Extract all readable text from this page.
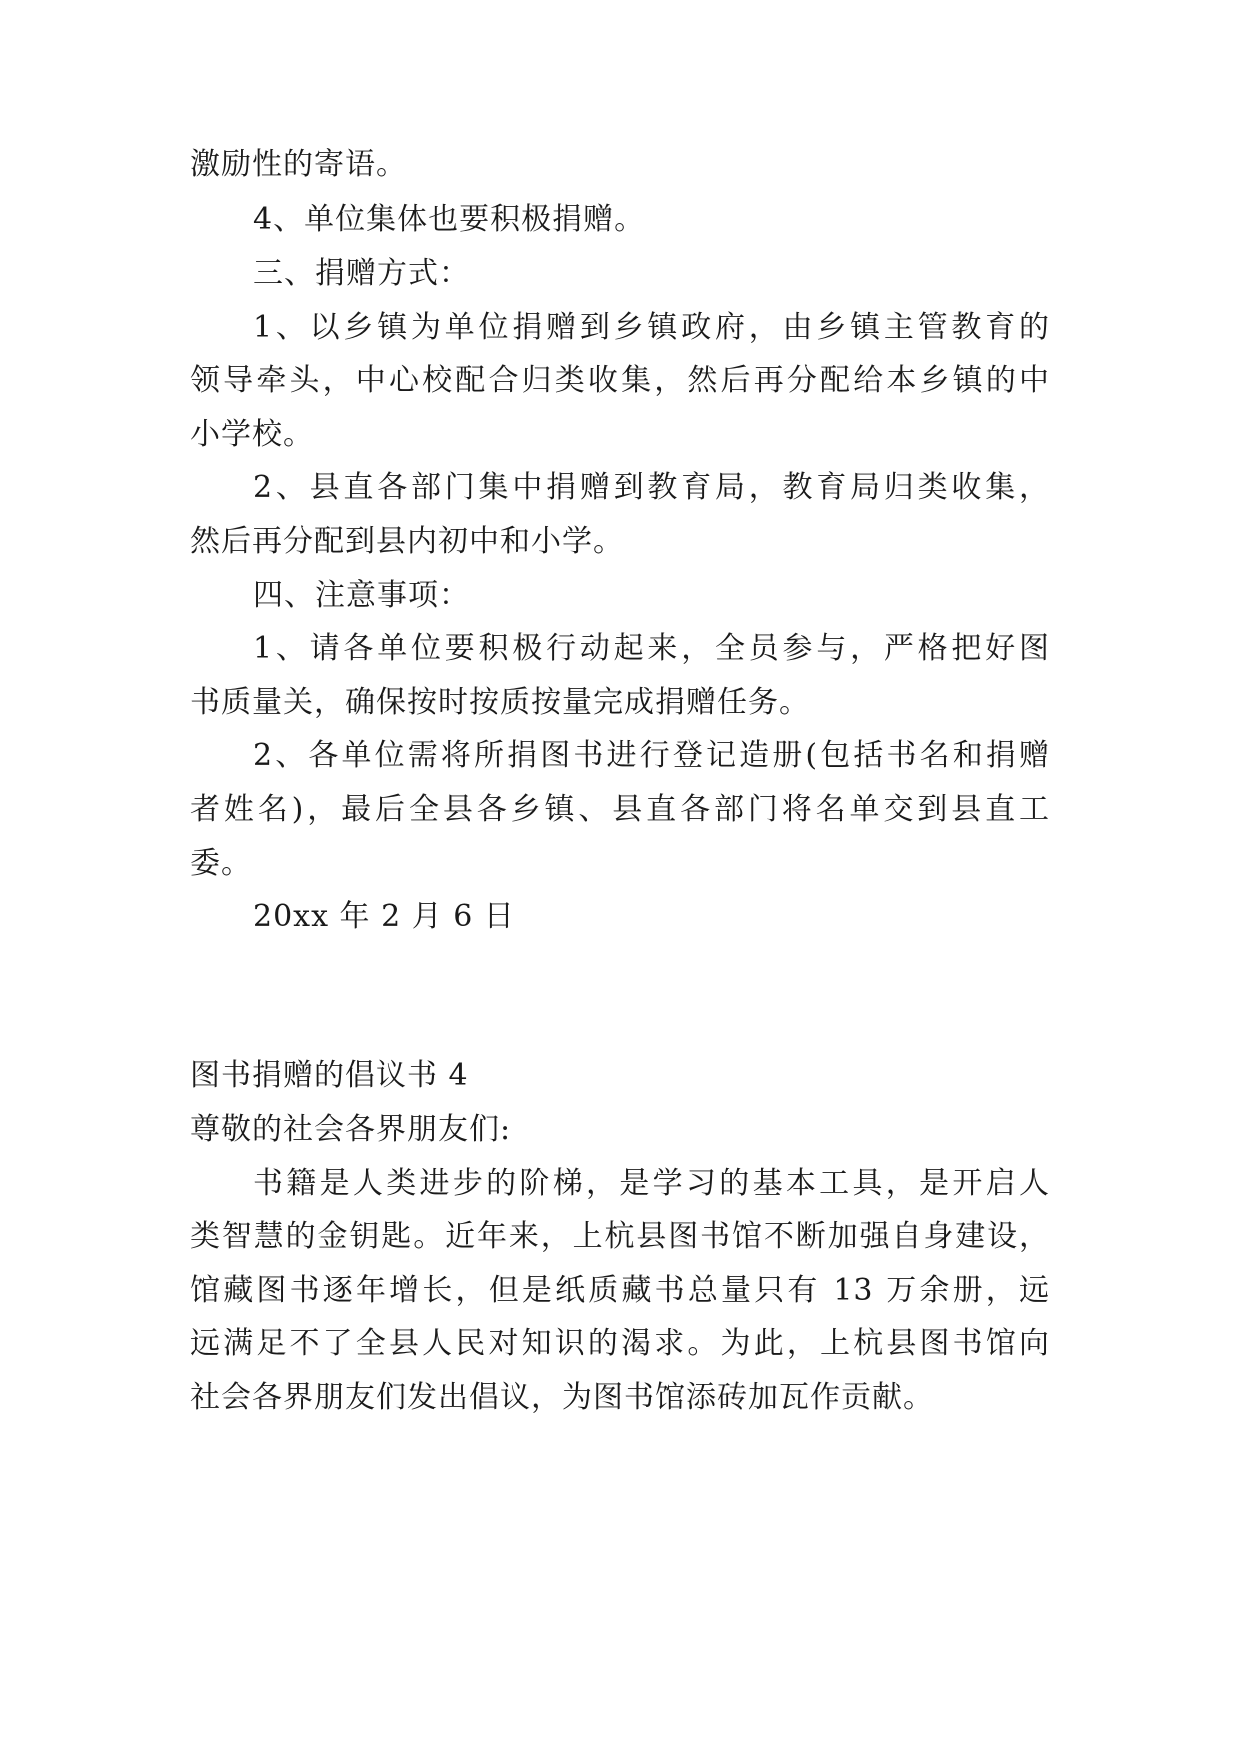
激励性的寄语。
4、单位集体也要积极捐赠。
三、捐赠方式：
1、以乡镇为单位捐赠到乡镇政府，由乡镇主管教育的
领导牵头，中心校配合归类收集，然后再分配给本乡镇的中
小学校。
2、县直各部门集中捐赠到教育局，教育局归类收集，
然后再分配到县内初中和小学。
四、注意事项：
1、请各单位要积极行动起来，全员参与，严格把好图
书质量关，确保按时按质按量完成捐赠任务。
2、各单位需将所捐图书进行登记造册(包括书名和捐赠
者姓名)，最后全县各乡镇、县直各部门将名单交到县直工
委。
20xx 年 2 月 6 日
图书捐赠的倡议书 4
尊敬的社会各界朋友们:
书籍是人类进步的阶梯，是学习的基本工具，是开启人
类智慧的金钥匙。近年来，上杭县图书馆不断加强自身建设，
馆藏图书逐年增长，但是纸质藏书总量只有 13 万余册，远
远满足不了全县人民对知识的渴求。为此，上杭县图书馆向
社会各界朋友们发出倡议，为图书馆添砖加瓦作贡献。
